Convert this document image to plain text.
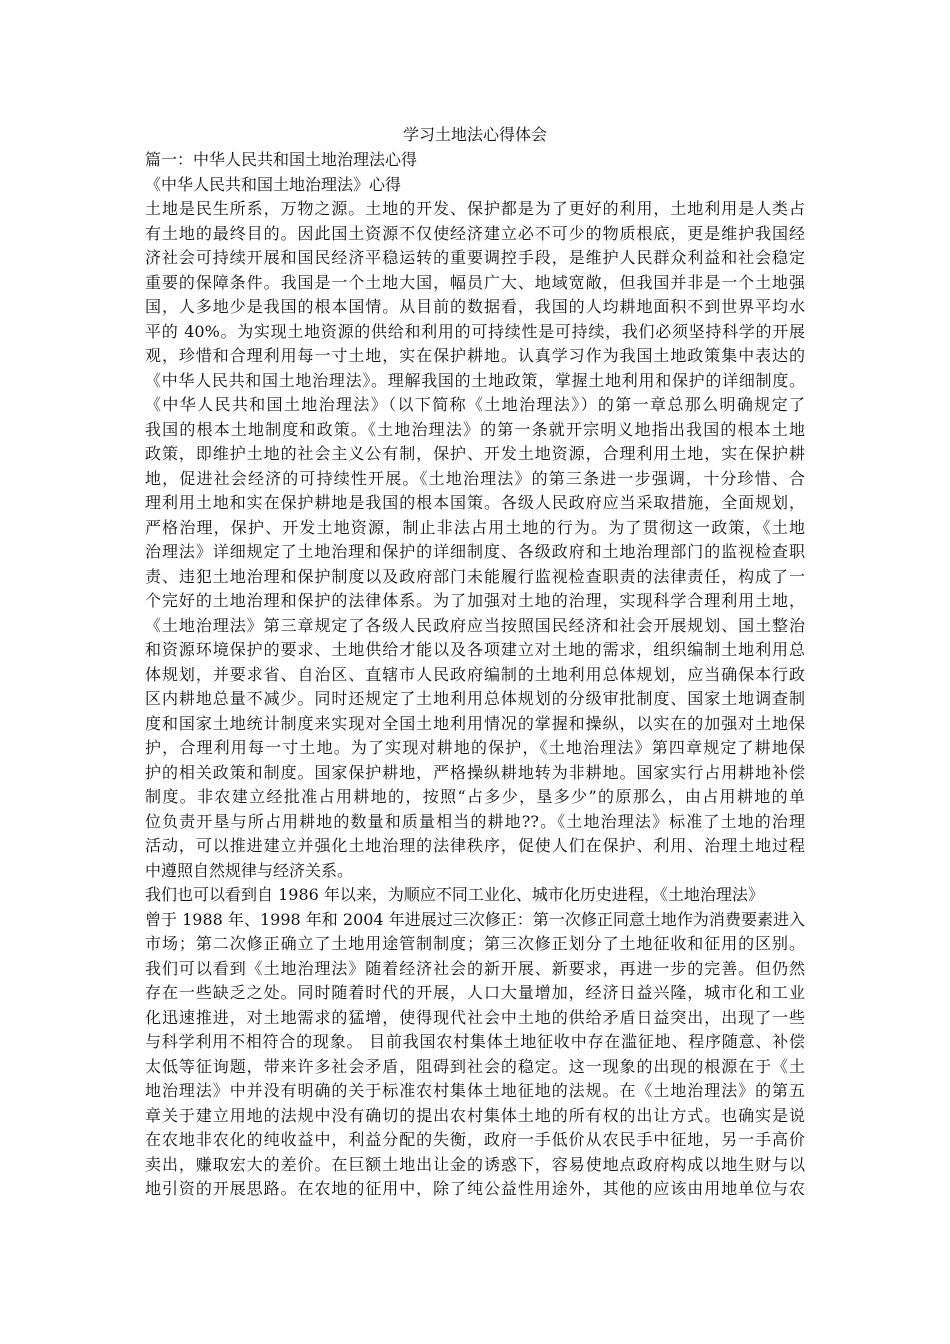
学习土地法心得体会
篇一：中华人民共和国土地治理法心得
《中华人民共和国土地治理法》心得
土地是民生所系，万物之源。土地的开发、保护都是为了更好的利用，土地利用是人类占
有土地的最终目的。因此国土资源不仅使经济建立必不可少的物质根底，更是维护我国经
济社会可持续开展和国民经济平稳运转的重要调控手段，是维护人民群众利益和社会稳定
重要的保障条件。我国是一个土地大国，幅员广大、地域宽敞，但我国并非是一个土地强
国，人多地少是我国的根本国情。从目前的数据看，我国的人均耕地面积不到世界平均水
平的 40%。为实现土地资源的供给和利用的可持续性是可持续，我们必须坚持科学的开展
观，珍惜和合理利用每一寸土地，实在保护耕地。认真学习作为我国土地政策集中表达的
《中华人民共和国土地治理法》。理解我国的土地政策，掌握土地利用和保护的详细制度。
《中华人民共和国土地治理法》（以下简称《土地治理法》）的第一章总那么明确规定了
我国的根本土地制度和政策。《土地治理法》的第一条就开宗明义地指出我国的根本土地
政策，即维护土地的社会主义公有制，保护、开发土地资源，合理利用土地，实在保护耕
地，促进社会经济的可持续性开展。《土地治理法》的第三条进一步强调，十分珍惜、合
理利用土地和实在保护耕地是我国的根本国策。各级人民政府应当采取措施，全面规划，
严格治理，保护、开发土地资源，制止非法占用土地的行为。为了贯彻这一政策，《土地
治理法》详细规定了土地治理和保护的详细制度、各级政府和土地治理部门的监视检查职
责、违犯土地治理和保护制度以及政府部门未能履行监视检查职责的法律责任，构成了一
个完好的土地治理和保护的法律体系。为了加强对土地的治理，实现科学合理利用土地，
《土地治理法》第三章规定了各级人民政府应当按照国民经济和社会开展规划、国土整治
和资源环境保护的要求、土地供给才能以及各项建立对土地的需求，组织编制土地利用总
体规划，并要求省、自治区、直辖市人民政府编制的土地利用总体规划，应当确保本行政
区内耕地总量不减少。同时还规定了土地利用总体规划的分级审批制度、国家土地调查制
度和国家土地统计制度来实现对全国土地利用情况的掌握和操纵，以实在的加强对土地保
护，合理利用每一寸土地。为了实现对耕地的保护，《土地治理法》第四章规定了耕地保
护的相关政策和制度。国家保护耕地，严格操纵耕地转为非耕地。国家实行占用耕地补偿
制度。非农建立经批准占用耕地的，按照“占多少，垦多少”的原那么，由占用耕地的单
位负责开垦与所占用耕地的数量和质量相当的耕地??。《土地治理法》标准了土地的治理
活动，可以推进建立并强化土地治理的法律秩序，促使人们在保护、利用、治理土地过程
中遵照自然规律与经济关系。
我们也可以看到自 1986 年以来，为顺应不同工业化、城市化历史进程，《土地治理法》
曾于 1988 年、1998 年和 2004 年进展过三次修正：第一次修正同意土地作为消费要素进入
市场；第二次修正确立了土地用途管制制度；第三次修正划分了土地征收和征用的区别。
我们可以看到《土地治理法》随着经济社会的新开展、新要求，再进一步的完善。但仍然
存在一些缺乏之处。同时随着时代的开展，人口大量增加，经济日益兴隆，城市化和工业
化迅速推进，对土地需求的猛增，使得现代社会中土地的供给矛盾日益突出，出现了一些
与科学利用不相符合的现象。 目前我国农村集体土地征收中存在滥征地、程序随意、补偿
太低等征询题，带来许多社会矛盾，阻碍到社会的稳定。这一现象的出现的根源在于《土
地治理法》中并没有明确的关于标准农村集体土地征地的法规。在《土地治理法》的第五
章关于建立用地的法规中没有确切的提出农村集体土地的所有权的出让方式。也确实是说
在农地非农化的纯收益中，利益分配的失衡，政府一手低价从农民手中征地，另一手高价
卖出，赚取宏大的差价。在巨额土地出让金的诱惑下，容易使地点政府构成以地生财与以
地引资的开展思路。在农地的征用中，除了纯公益性用途外，其他的应该由用地单位与农
